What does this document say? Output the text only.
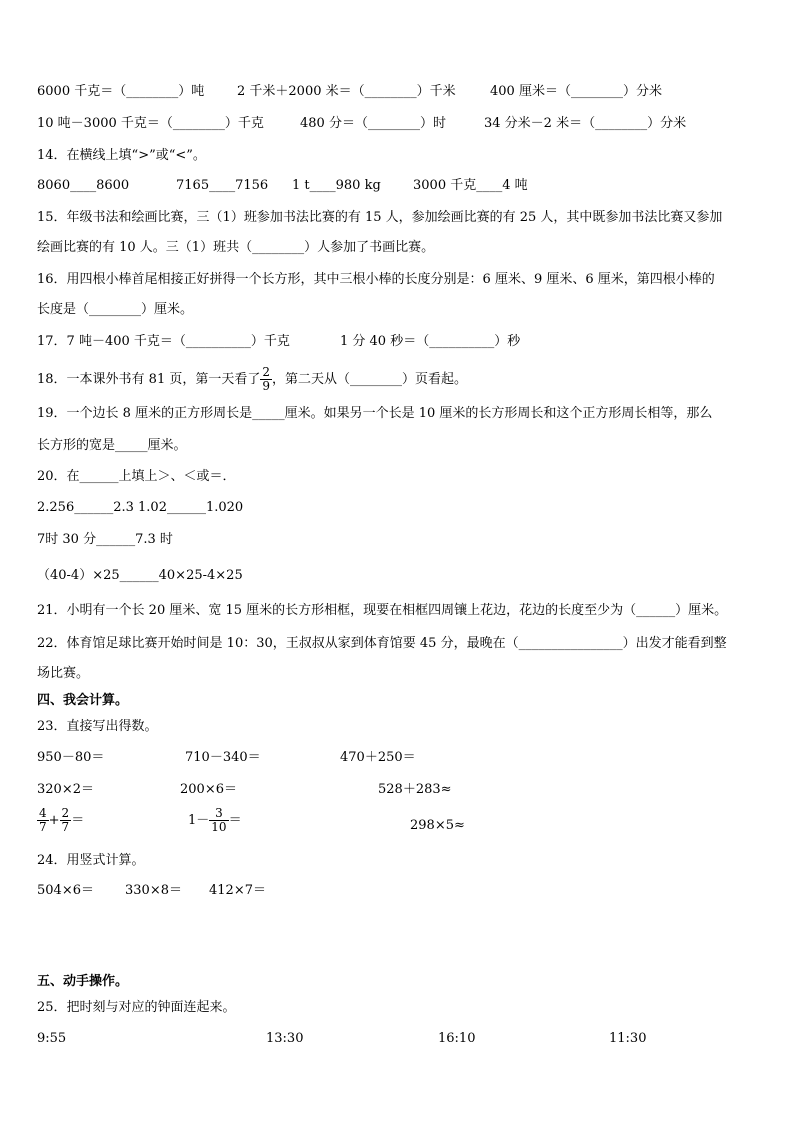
6000 千克＝（________）吨	2 千米＋2000 米＝（________）千米	400 厘米＝（________）分米
10 吨－3000 千克＝（________）千克	480 分＝（________）时	34 分米－2 米＝（________）分米
14．在横线上填“>”或“<”。
8060____8600	7165____7156 1 t____980 kg 3000 千克____4 吨
15．年级书法和绘画比赛，三（1）班参加书法比赛的有 15 人，参加绘画比赛的有 25 人，其中既参加书法比赛又参加
绘画比赛的有 10 人。三（1）班共（________）人参加了书画比赛。
16．用四根小棒首尾相接正好拼得一个长方形，其中三根小棒的长度分别是：6 厘米、9 厘米、6 厘米，第四根小棒的
长度是（________）厘米。
17．7 吨－400 千克＝（__________）千克	1 分 40 秒＝（__________）秒
18．一本课外书有 81 页，第一天看了 $\frac{2}{9}$ ，第二天从（________）页看起。
19．一个边长 8 厘米的正方形周长是_____厘米。如果另一个长是 10 厘米的长方形周长和这个正方形周长相等，那么
长方形的宽是_____厘米。
20．在______上填上＞、＜或＝．
2.256______2.3 1.02______1.020
7时 30 分______7.3 时
（40-4）×25______40×25-4×25
21．小明有一个长 20 厘米、宽 15 厘米的长方形相框，现要在相框四周镶上花边，花边的长度至少为（______）厘米。
22．体育馆足球比赛开始时间是 10：30，王叔叔从家到体育馆要 45 分，最晚在（________________）出发才能看到整
场比赛。
四、我会计算。
23．直接写出得数。
950－80＝	710－340＝	470＋250＝
320×2＝	200×6＝	528＋283≈
$\frac{4}{7} + \frac{2}{7}$ ＝	$1- \frac{3}{10}$ ＝	298×5≈
24．用竖式计算。
504×6＝ 330×8＝ 412×7＝
五、动手操作。
25．把时刻与对应的钟面连起来。
9:55	13:30	16:10	11:30
